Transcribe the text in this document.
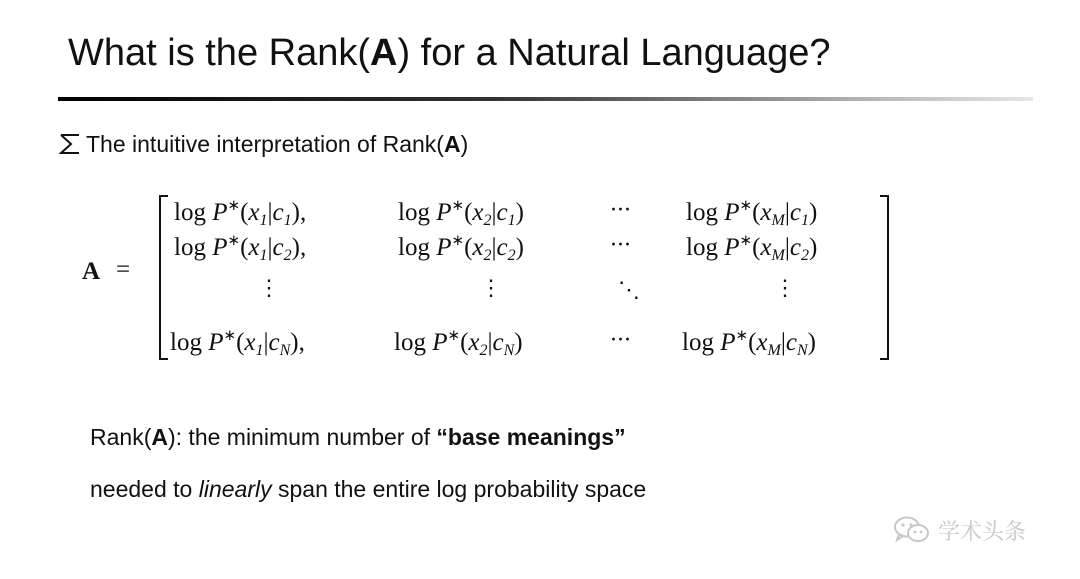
What is the Rank(A) for a Natural Language?
The intuitive interpretation of Rank(A)
A =
$\log P^∗(x_1|c_1)$,	$\log P^∗(x_2|c_1)$	··· $\log P^∗(x_M|c_1)$
$\log P^∗(x_1|c_2)$,	$\log P^∗(x_2|c_2)$	··· $\log P^∗(x_M|c_2)$
⋮	⋮	⋱	⋮
$\log P^∗(x_1|c_N)$,	$\log P^∗(x_2|c_N)$	··· $\log P^∗(x_M|c_N)$
Rank(A): the minimum number of “base meanings”
needed to linearly span the entire log probability space
学术头条
